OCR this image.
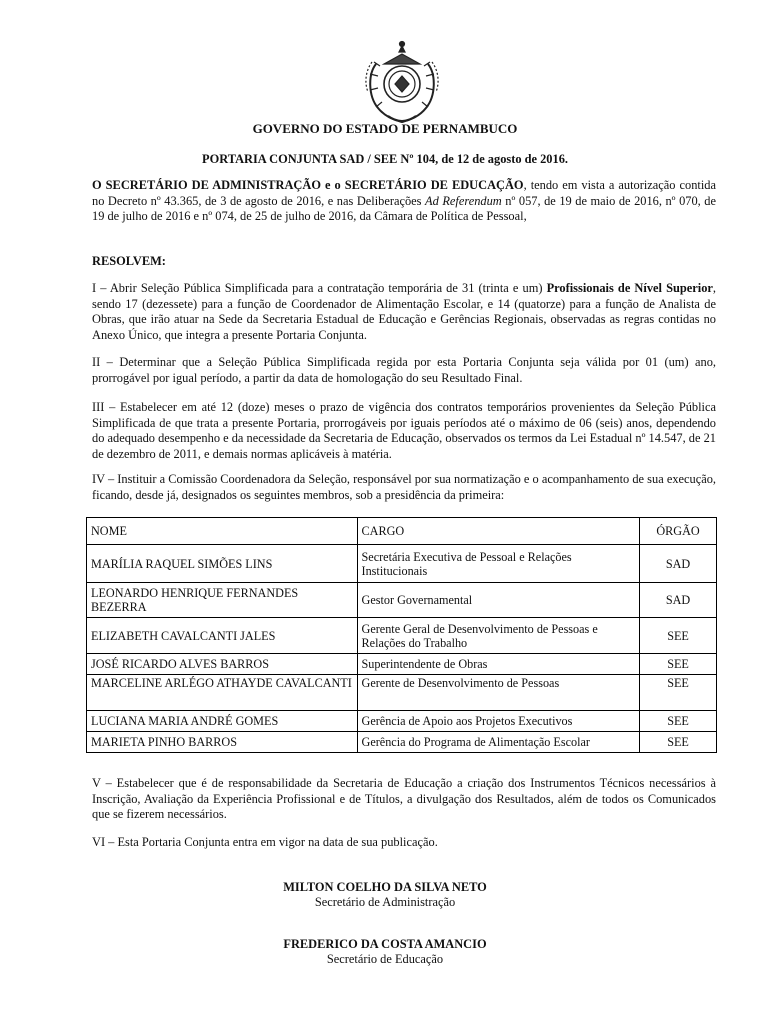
GOVERNO DO ESTADO DE PERNAMBUCO
PORTARIA CONJUNTA SAD / SEE Nº 104, de 12 de agosto de 2016.

O SECRETÁRIO DE ADMINISTRAÇÃO e o SECRETÁRIO DE EDUCAÇÃO, tendo em vista a autorização contida no Decreto nº 43.365, de 3 de agosto de 2016, e nas Deliberações Ad Referendum nº 057, de 19 de maio de 2016, nº 070, de 19 de julho de 2016 e nº 074, de 25 de julho de 2016, da Câmara de Política de Pessoal,

RESOLVEM:

I – Abrir Seleção Pública Simplificada para a contratação temporária de 31 (trinta e um) Profissionais de Nível Superior, sendo 17 (dezessete) para a função de Coordenador de Alimentação Escolar, e 14 (quatorze) para a função de Analista de Obras, que irão atuar na Sede da Secretaria Estadual de Educação e Gerências Regionais, observadas as regras contidas no Anexo Único, que integra a presente Portaria Conjunta.

II – Determinar que a Seleção Pública Simplificada regida por esta Portaria Conjunta seja válida por 01 (um) ano, prorrogável por igual período, a partir da data de homologação do seu Resultado Final.

III – Estabelecer em até 12 (doze) meses o prazo de vigência dos contratos temporários provenientes da Seleção Pública Simplificada de que trata a presente Portaria, prorrogáveis por iguais períodos até o máximo de 06 (seis) anos, dependendo do adequado desempenho e da necessidade da Secretaria de Educação, observados os termos da Lei Estadual nº 14.547, de 21 de dezembro de 2011, e demais normas aplicáveis à matéria.

IV – Instituir a Comissão Coordenadora da Seleção, responsável por sua normatização e o acompanhamento de sua execução, ficando, desde já, designados os seguintes membros, sob a presidência da primeira:

NOME	CARGO	ÓRGÃO
MARÍLIA RAQUEL SIMÕES LINS	Secretária Executiva de Pessoal e Relações Institucionais	SAD
LEONARDO HENRIQUE FERNANDES BEZERRA	Gestor Governamental	SAD
ELIZABETH CAVALCANTI JALES	Gerente Geral de Desenvolvimento de Pessoas e Relações do Trabalho	SEE
JOSÉ RICARDO ALVES BARROS	Superintendente de Obras	SEE
MARCELINE ARLÉGO ATHAYDE CAVALCANTI	Gerente de Desenvolvimento de Pessoas	SEE
LUCIANA MARIA ANDRÉ GOMES	Gerência de Apoio aos Projetos Executivos	SEE
MARIETA PINHO BARROS	Gerência do Programa de Alimentação Escolar	SEE

V – Estabelecer que é de responsabilidade da Secretaria de Educação a criação dos Instrumentos Técnicos necessários à Inscrição, Avaliação da Experiência Profissional e de Títulos, a divulgação dos Resultados, além de todos os Comunicados que se fizerem necessários.

VI – Esta Portaria Conjunta entra em vigor na data de sua publicação.

MILTON COELHO DA SILVA NETO
Secretário de Administração
FREDERICO DA COSTA AMANCIO
Secretário de Educação
